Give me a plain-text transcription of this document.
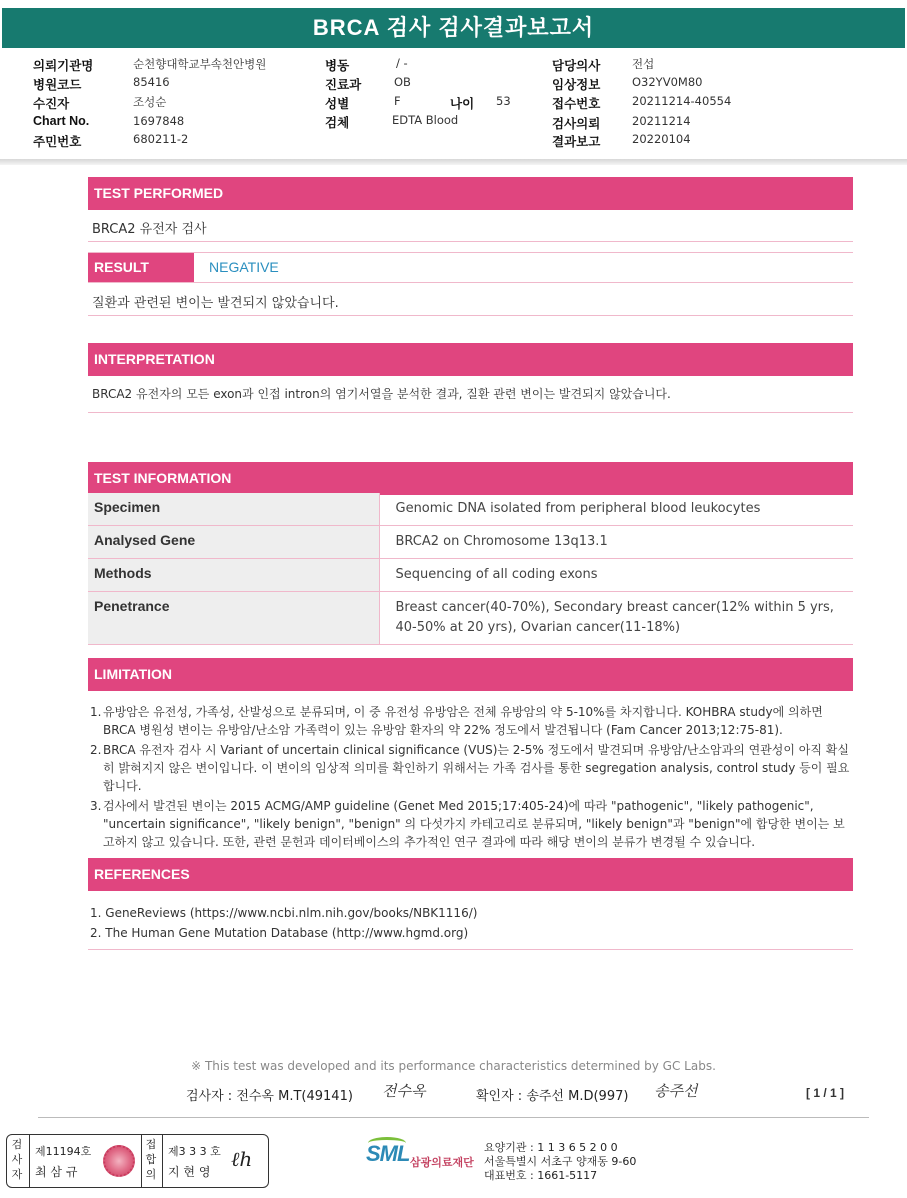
BRCA 검사 검사결과보고서
의뢰기관명	순천향대학교부속천안병원
병원코드	85416
수진자	조성순
Chart No.	1697848
주민번호	680211-2
병동	/ -
진료과	OB
성별	F	나이 53
검체	EDTA Blood
담당의사	전섭
임상정보	O32YV0M80
접수번호	20211214-40554
검사의뢰	20211214
결과보고	20220104
TEST PERFORMED
BRCA2 유전자 검사
RESULT	NEGATIVE
질환과 관련된 변이는 발견되지 않았습니다.
INTERPRETATION
BRCA2 유전자의 모든 exon과 인접 intron의 염기서열을 분석한 결과, 질환 관련 변이는 발견되지 않았습니다.
TEST INFORMATION
Specimen	Genomic DNA isolated from peripheral blood leukocytes
Analysed Gene	BRCA2 on Chromosome 13q13.1
Methods	Sequencing of all coding exons
Penetrance	Breast cancer(40-70%), Secondary breast cancer(12% within 5 yrs, 40-50% at 20 yrs), Ovarian cancer(11-18%)
LIMITATION
1. 유방암은 유전성, 가족성, 산발성으로 분류되며, 이 중 유전성 유방암은 전체 유방암의 약 5-10%를 차지합니다. KOHBRA study에 의하면 BRCA 병원성 변이는 유방암/난소암 가족력이 있는 유방암 환자의 약 22% 정도에서 발견됩니다 (Fam Cancer 2013;12:75-81).
2. BRCA 유전자 검사 시 Variant of uncertain clinical significance (VUS)는 2-5% 정도에서 발견되며 유방암/난소암과의 연관성이 아직 확실히 밝혀지지 않은 변이입니다. 이 변이의 임상적 의미를 확인하기 위해서는 가족 검사를 통한 segregation analysis, control study 등이 필요합니다.
3. 검사에서 발견된 변이는 2015 ACMG/AMP guideline (Genet Med 2015;17:405-24)에 따라 "pathogenic", "likely pathogenic", "uncertain significance", "likely benign", "benign" 의 다섯가지 카테고리로 분류되며, "likely benign"과 "benign"에 합당한 변이는 보고하지 않고 있습니다. 또한, 관련 문헌과 데이터베이스의 추가적인 연구 결과에 따라 해당 변이의 분류가 변경될 수 있습니다.
REFERENCES
1. GeneReviews (https://www.ncbi.nlm.nih.gov/books/NBK1116/)
2. The Human Gene Mutation Database (http://www.hgmd.org)
※ This test was developed and its performance characteristics determined by GC Labs.
검사자 : 전수옥 M.T(49141) 전수옥	확인자 : 송주선 M.D(997) 송주선	[ 1 / 1 ]
검사자
제11194호
최 삼 규
접합의
제3 3 3 호
지 현 영
ℓh	SML 삼광의료재단
요양기관 : 1 1 3 6 5 2 0 0
서울특별시 서초구 양재동 9-60
대표번호 : 1661-5117
